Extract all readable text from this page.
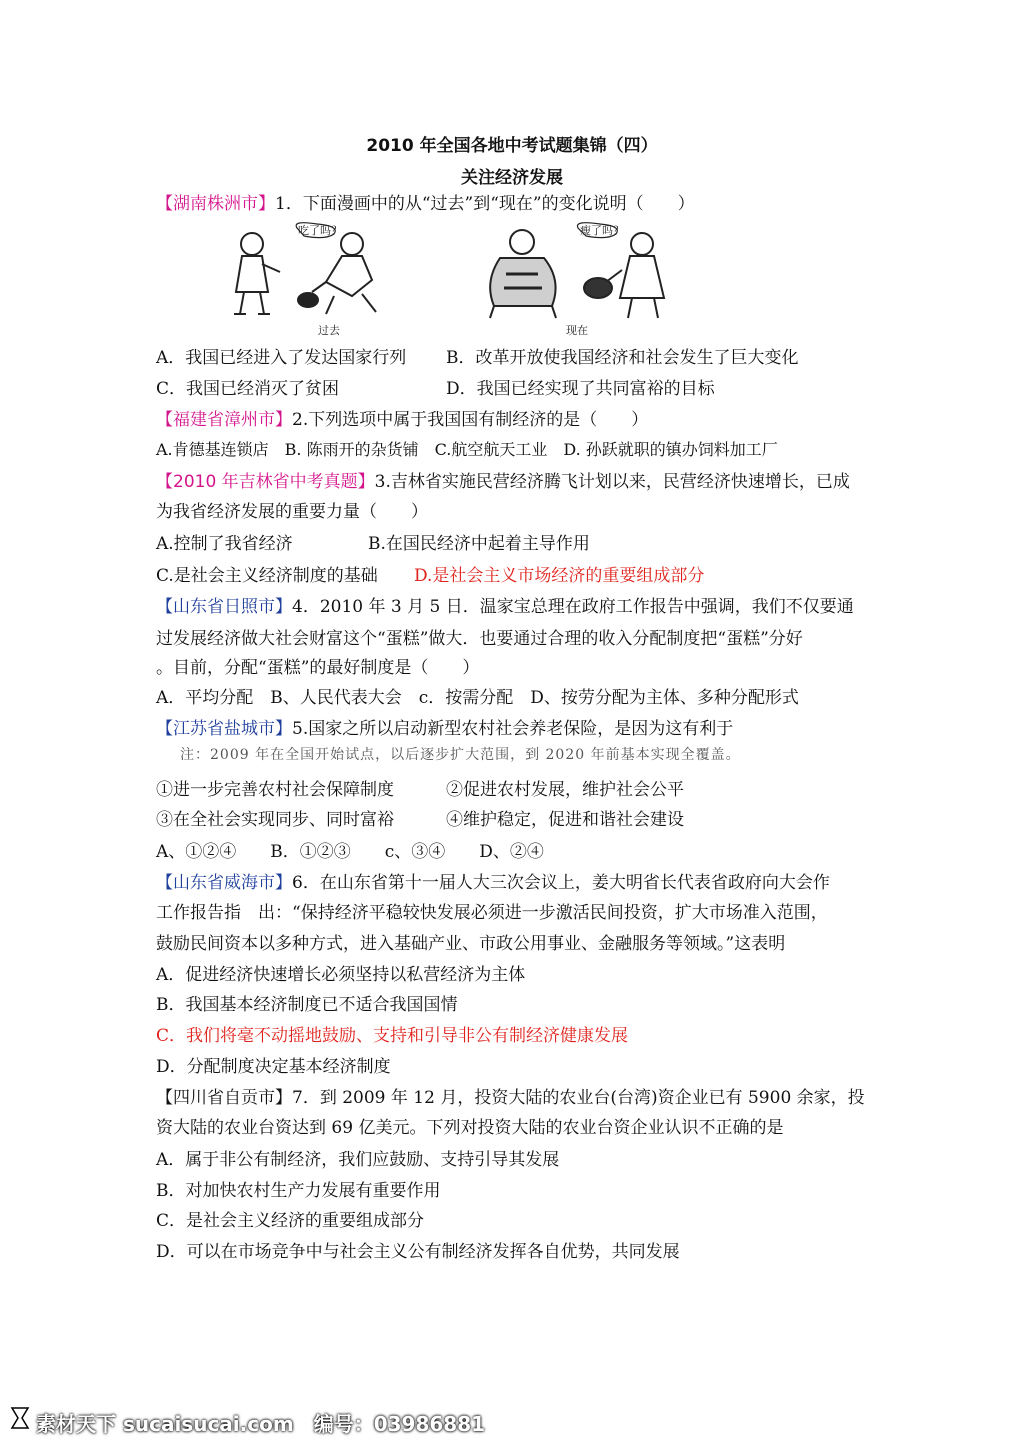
2010 年全国各地中考试题集锦（四）
关注经济发展
【湖南株洲市】1．下面漫画中的从“过去”到“现在”的变化说明（　　）
吃了吗？	瘦了吗？
过去	现在
A．我国已经进入了发达国家行列 B．改革开放使我国经济和社会发生了巨大变化
C．我国已经消灭了贫困	D．我国已经实现了共同富裕的目标
【福建省漳州市】2.下列选项中属于我国国有制经济的是（　　）
A.肯德基连锁店　B. 陈雨开的杂货铺　C.航空航天工业　D. 孙跃就职的镇办饲料加工厂
【2010 年吉林省中考真题】3.吉林省实施民营经济腾飞计划以来，民营经济快速增长，已成
为我省经济发展的重要力量（　　）
A.控制了我省经济	B.在国民经济中起着主导作用
C.是社会主义经济制度的基础 D.是社会主义市场经济的重要组成部分
【山东省日照市】4．2010 年 3 月 5 日．温家宝总理在政府工作报告中强调，我们不仅要通
过发展经济做大社会财富这个“蛋糕”做大．也要通过合理的收入分配制度把“蛋糕”分好
。目前，分配“蛋糕”的最好制度是（　　）
A．平均分配　B、人民代表大会　c．按需分配　D、按劳分配为主体、多种分配形式
【江苏省盐城市】5.国家之所以启动新型农村社会养老保险，是因为这有利于
注：2009 年在全国开始试点，以后逐步扩大范围，到 2020 年前基本实现全覆盖。
①进一步完善农村社会保障制度	②促进农村发展，维护社会公平
③在全社会实现同步、同时富裕	④维护稳定，促进和谐社会建设
A、①②④　　B．①②③　　c、③④　　D、②④
【山东省威海市】6．在山东省第十一届人大三次会议上，姜大明省长代表省政府向大会作
工作报告指　出：“保持经济平稳较快发展必须进一步激活民间投资，扩大市场准入范围，
鼓励民间资本以多种方式，进入基础产业、市政公用事业、金融服务等领域。”这表明
A．促进经济快速增长必须坚持以私营经济为主体
B．我国基本经济制度已不适合我国国情
C．我们将毫不动摇地鼓励、支持和引导非公有制经济健康发展
D．分配制度决定基本经济制度
【四川省自贡市】7．到 2009 年 12 月，投资大陆的农业台(台湾)资企业已有 5900 余家，投
资大陆的农业台资达到 69 亿美元。下列对投资大陆的农业台资企业认识不正确的是
A．属于非公有制经济，我们应鼓励、支持引导其发展
B．对加快农村生产力发展有重要作用
C．是社会主义经济的重要组成部分
D．可以在市场竞争中与社会主义公有制经济发挥各自优势，共同发展
素材天下 sucaisucai.com　编号：03986881
